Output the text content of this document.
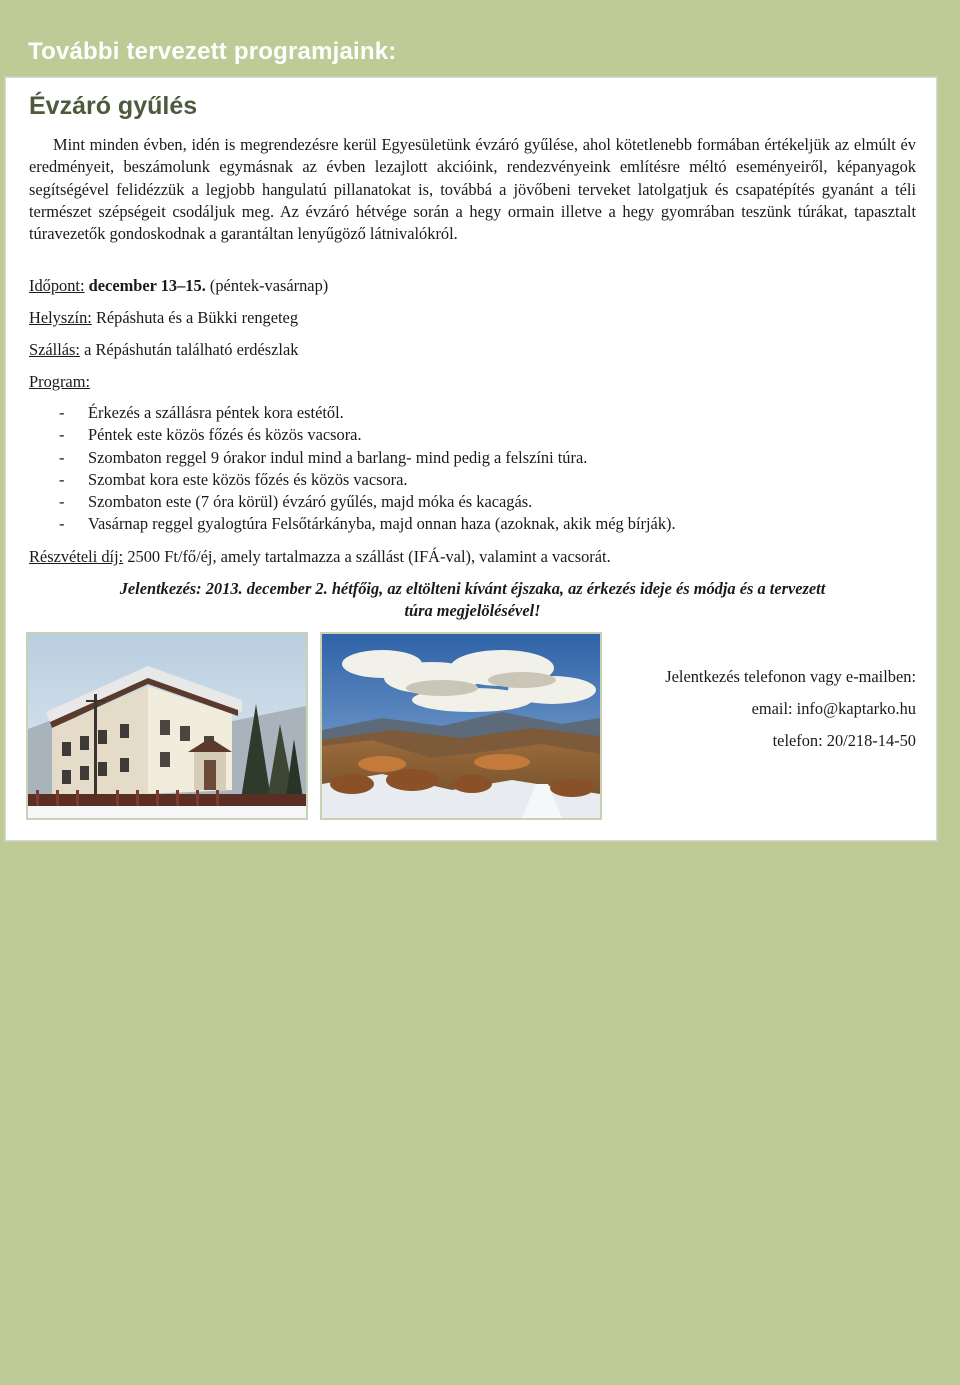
További tervezett programjaink:
Évzáró gyűlés

Mint minden évben, idén is megrendezésre kerül Egyesületünk évzáró gyűlése, ahol kötetlenebb formában értékeljük az elmúlt év eredményeit, beszámolunk egymásnak az évben lezajlott akcióink, rendezvényeink említésre méltó eseményeiről, képanyagok segítségével felidézzük a legjobb hangulatú pillanatokat is, továbbá a jövőbeni terveket latolgatjuk és csapatépítés gyanánt a téli természet szépségeit csodáljuk meg. Az évzáró hétvége során a hegy ormain illetve a hegy gyomrában teszünk túrákat, tapasztalt túravezetők gondoskodnak a garantáltan lenyűgöző látnivalókról.

Időpont: december 13–15. (péntek-vasárnap)

Helyszín: Répáshuta és a Bükki rengeteg

Szállás: a Répáshután található erdészlak

Program:

- Érkezés a szállásra péntek kora estétől.
- Péntek este közös főzés és közös vacsora.
- Szombaton reggel 9 órakor indul mind a barlang- mind pedig a felszíni túra.
- Szombat kora este közös főzés és közös vacsora.
- Szombaton este (7 óra körül) évzáró gyűlés, majd móka és kacagás.
- Vasárnap reggel gyalogtúra Felsőtárkányba, majd onnan haza (azoknak, akik még bírják).

Részvételi díj: 2500 Ft/fő/éj, amely tartalmazza a szállást (IFÁ-val), valamint a vacsorát.

Jelentkezés: 2013. december 2. hétfőig, az eltölteni kívánt éjszaka, az érkezés ideje és módja és a tervezett
túra megjelölésével!

Jelentkezés telefonon vagy e-mailben:

email: info@kaptarko.hu

telefon: 20/218-14-50
